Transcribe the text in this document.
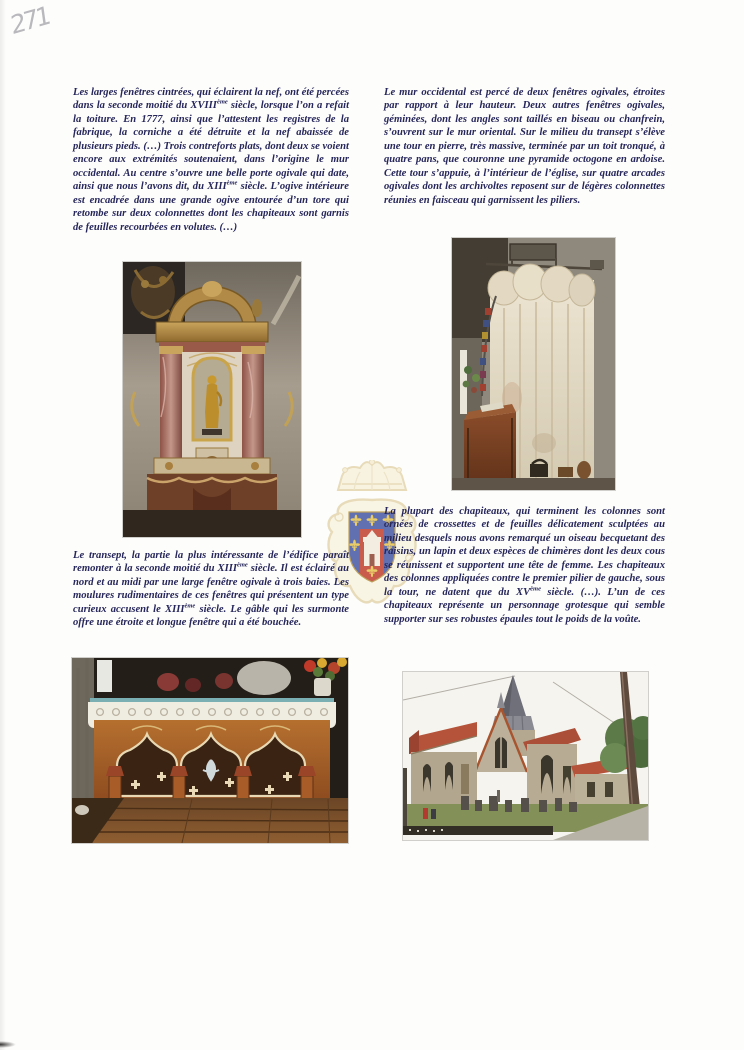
271

Les larges fenêtres cintrées, qui éclairent la nef, ont été percées dans la seconde moitié du XVIIIème siècle, lorsque l’on a refait la toiture. En 1777, ainsi que l’attestent les registres de la fabrique, la corniche a été détruite et la nef abaissée de plusieurs pieds. (…) Trois contreforts plats, dont deux se voient encore aux extrémités soutenaient, dans l’origine le mur occidental. Au centre s’ouvre une belle porte ogivale qui date, ainsi que nous l’avons dit, du XIIIème siècle. L’ogive intérieure est encadrée dans une grande ogive entourée d’un tore qui retombe sur deux colonnettes dont les chapiteaux sont garnis de feuilles recourbées en volutes. (…)

Le mur occidental est percé de deux fenêtres ogivales, étroites par rapport à leur hauteur. Deux autres fenêtres ogivales, géminées, dont les angles sont taillés en biseau ou chanfrein, s’ouvrent sur le mur oriental. Sur le milieu du transept s’élève une tour en pierre, très massive, terminée par un toit tronqué, à quatre pans, que couronne une pyramide octogone en ardoise. Cette tour s’appuie, à l’intérieur de l’église, sur quatre arcades ogivales dont les archivoltes reposent sur de légères colonnettes réunies en faisceau qui garnissent les piliers.

Le transept, la partie la plus intéressante de l’édifice paraît remonter à la seconde moitié du XIIIème siècle. Il est éclairé au nord et au midi par une large fenêtre ogivale à trois baies. Les moulures rudimentaires de ces fenêtres qui présentent un type curieux accusent le XIIIème siècle. Le gâble qui les surmonte offre une étroite et longue fenêtre qui a été bouchée.

La plupart des chapiteaux, qui terminent les colonnes sont ornées de crossettes et de feuilles délicatement sculptées au milieu desquels nous avons remarqué un oiseau becquetant des raisins, un lapin et deux espèces de chimères dont les deux cous se réunissent et supportent une tête de femme. Les chapiteaux des colonnes appliquées contre le premier pilier de gauche, sous la tour, ne datent que du XVème siècle. (…). L’un de ces chapiteaux représente un personnage grotesque qui semble supporter sur ses robustes épaules tout le poids de la voûte.
